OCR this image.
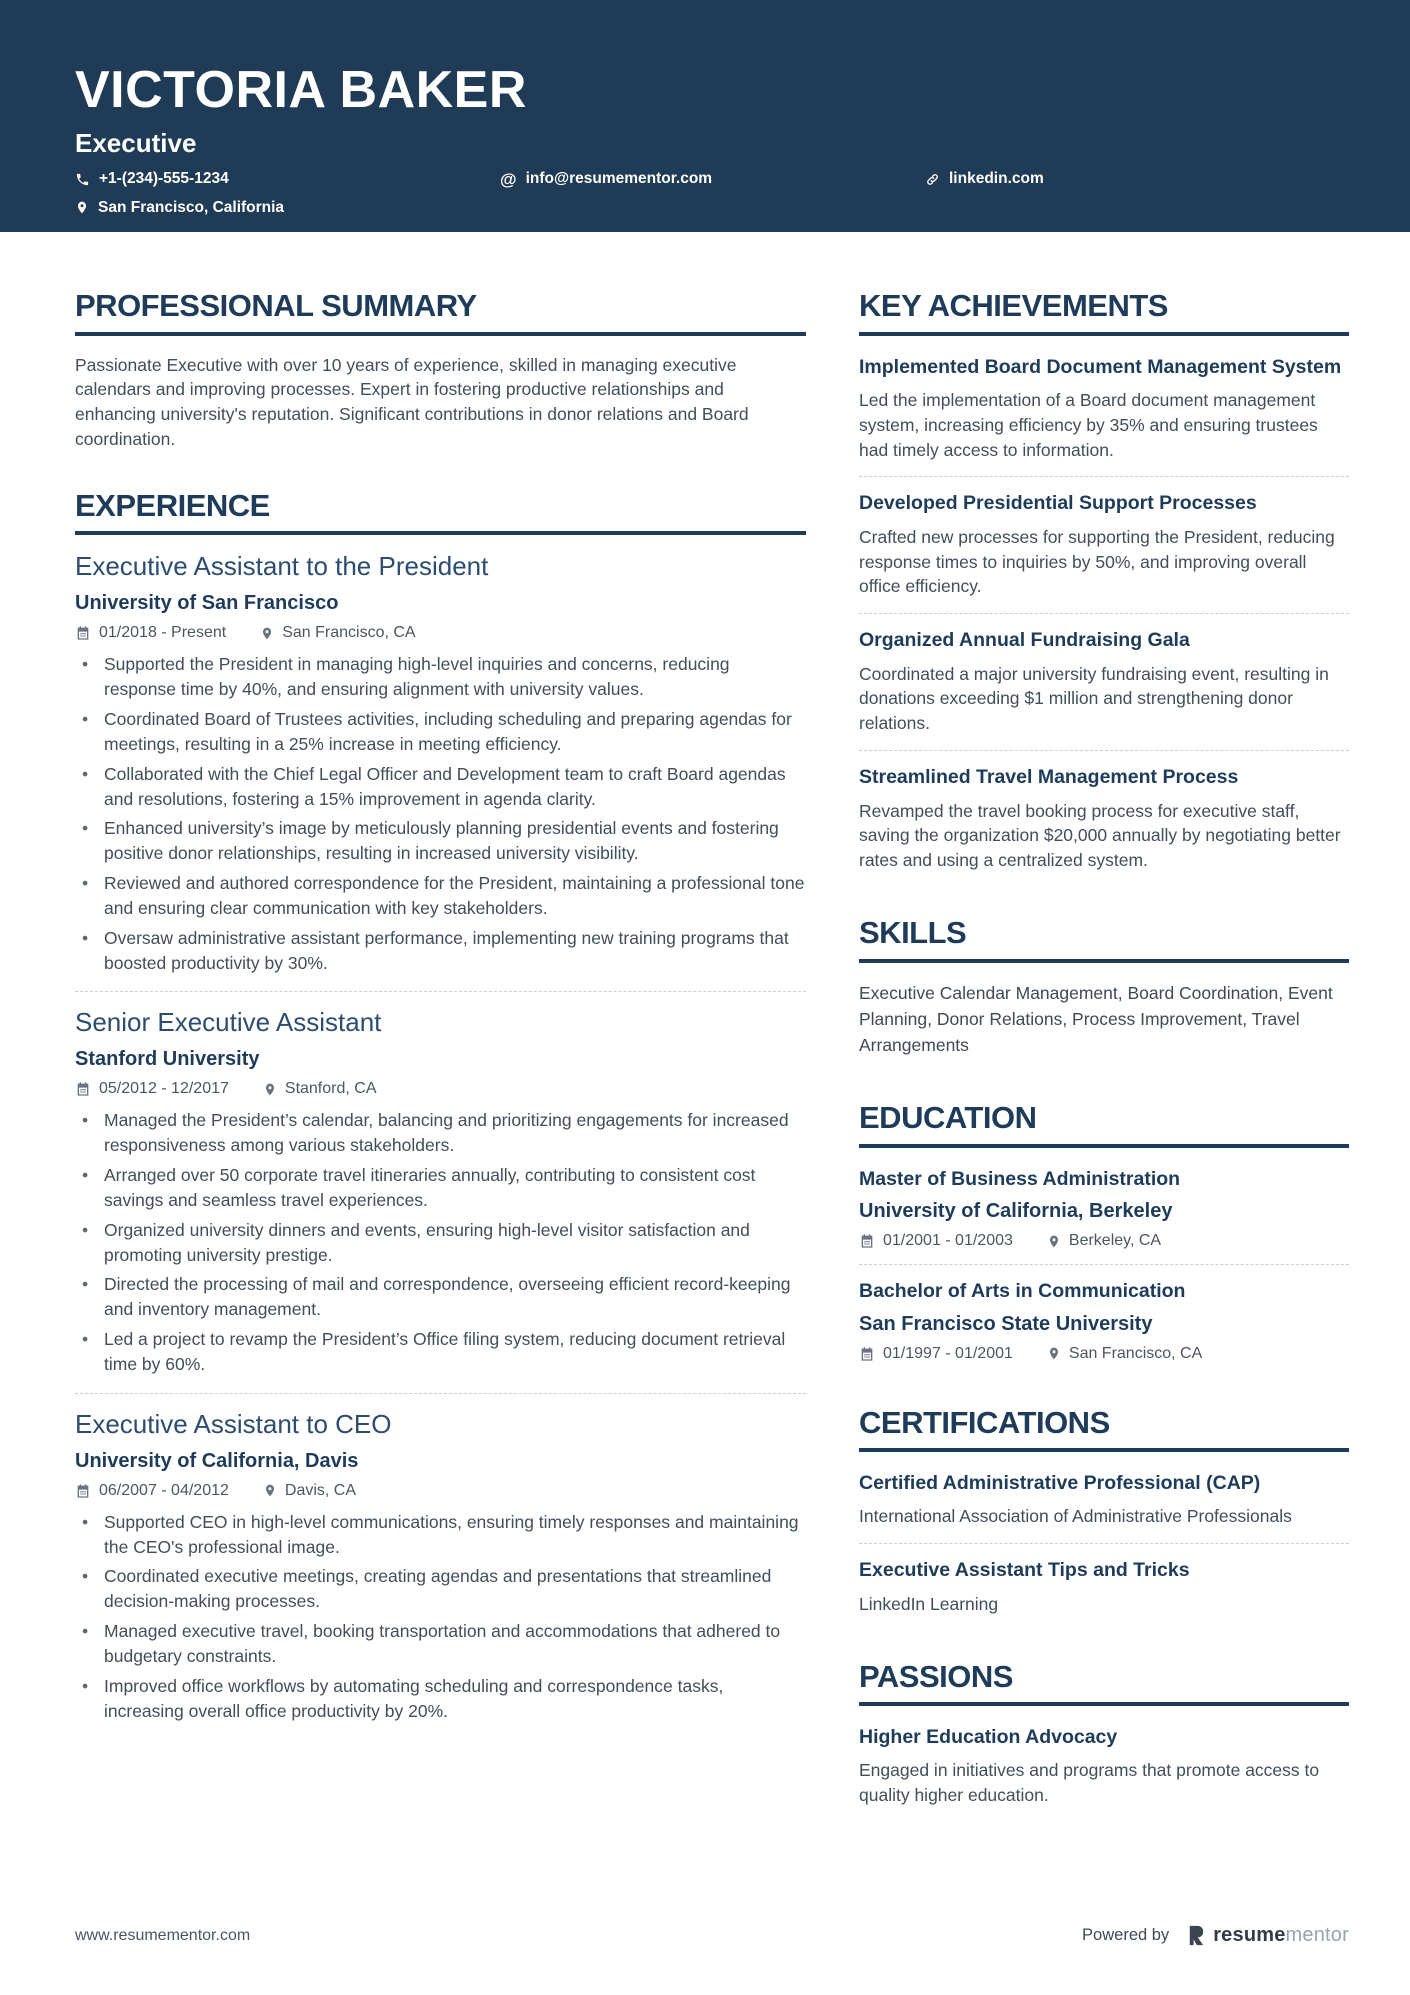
VICTORIA BAKER
Executive
+1-(234)-555-1234	@ info@resumementor.com	linkedin.com
San Francisco, California
PROFESSIONAL SUMMARY

Passionate Executive with over 10 years of experience, skilled in managing executive calendars and improving processes. Expert in fostering productive relationships and enhancing university's reputation. Significant contributions in donor relations and Board coordination.

EXPERIENCE
Executive Assistant to the President
University of San Francisco
01/2018 - Present	San Francisco, CA
• Supported the President in managing high-level inquiries and concerns, reducing response time by 40%, and ensuring alignment with university values.
• Coordinated Board of Trustees activities, including scheduling and preparing agendas for meetings, resulting in a 25% increase in meeting efficiency.
• Collaborated with the Chief Legal Officer and Development team to craft Board agendas and resolutions, fostering a 15% improvement in agenda clarity.
• Enhanced university’s image by meticulously planning presidential events and fostering positive donor relationships, resulting in increased university visibility.
• Reviewed and authored correspondence for the President, maintaining a professional tone and ensuring clear communication with key stakeholders.
• Oversaw administrative assistant performance, implementing new training programs that boosted productivity by 30%.
Senior Executive Assistant
Stanford University
05/2012 - 12/2017	Stanford, CA
• Managed the President’s calendar, balancing and prioritizing engagements for increased responsiveness among various stakeholders.
• Arranged over 50 corporate travel itineraries annually, contributing to consistent cost savings and seamless travel experiences.
• Organized university dinners and events, ensuring high-level visitor satisfaction and promoting university prestige.
• Directed the processing of mail and correspondence, overseeing efficient record-keeping and inventory management.
• Led a project to revamp the President’s Office filing system, reducing document retrieval time by 60%.
Executive Assistant to CEO
University of California, Davis
06/2007 - 04/2012	Davis, CA
• Supported CEO in high-level communications, ensuring timely responses and maintaining the CEO's professional image.
• Coordinated executive meetings, creating agendas and presentations that streamlined decision-making processes.
• Managed executive travel, booking transportation and accommodations that adhered to budgetary constraints.
• Improved office workflows by automating scheduling and correspondence tasks, increasing overall office productivity by 20%.
KEY ACHIEVEMENTS
Implemented Board Document Management System

Led the implementation of a Board document management system, increasing efficiency by 35% and ensuring trustees had timely access to information.

Developed Presidential Support Processes

Crafted new processes for supporting the President, reducing response times to inquiries by 50%, and improving overall office efficiency.

Organized Annual Fundraising Gala

Coordinated a major university fundraising event, resulting in donations exceeding $1 million and strengthening donor relations.

Streamlined Travel Management Process

Revamped the travel booking process for executive staff, saving the organization $20,000 annually by negotiating better rates and using a centralized system.

SKILLS

Executive Calendar Management, Board Coordination, Event Planning, Donor Relations, Process Improvement, Travel Arrangements

EDUCATION
Master of Business Administration
University of California, Berkeley
01/2001 - 01/2003	Berkeley, CA
Bachelor of Arts in Communication
San Francisco State University
01/1997 - 01/2001	San Francisco, CA
CERTIFICATIONS
Certified Administrative Professional (CAP)

International Association of Administrative Professionals

Executive Assistant Tips and Tricks

LinkedIn Learning

PASSIONS
Higher Education Advocacy

Engaged in initiatives and programs that promote access to quality higher education.

www.resumementor.com	Powered by resumementor
